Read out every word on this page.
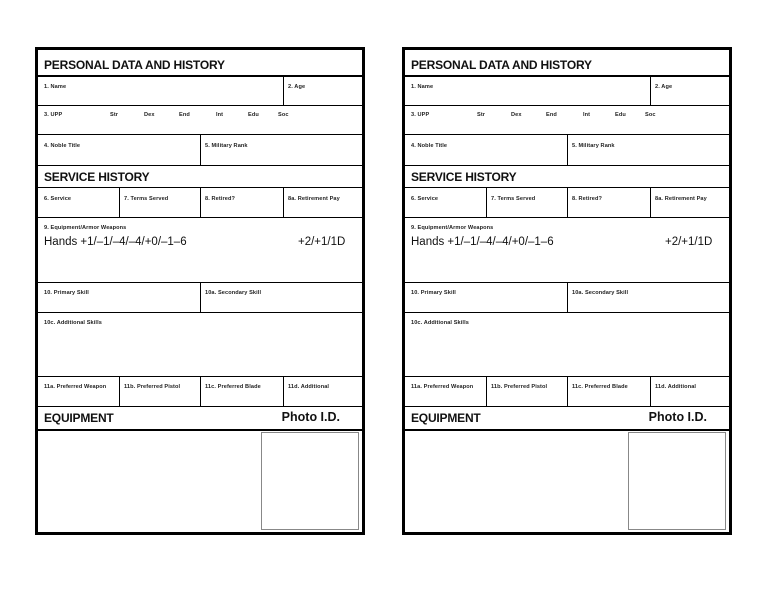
PERSONAL DATA AND HISTORY
1. Name	2. Age
3. UPP	Str	Dex	End	Int	Edu	Soc
4. Noble Title	5. Military Rank
SERVICE HISTORY
6. Service	7. Terms Served	8. Retired?	8a. Retirement Pay
9. Equipment/Armor Weapons
Hands +1/–1/–4/–4/+0/–1–6	+2/+1/1D
10. Primary Skill	10a. Secondary Skill
10c. Additional Skills
11a. Preferred Weapon	11b. Preferred Pistol	11c. Preferred Blade	11d. Additional
EQUIPMENT	Photo I.D.
PERSONAL DATA AND HISTORY
1. Name	2. Age
3. UPP	Str	Dex	End	Int	Edu	Soc
4. Noble Title	5. Military Rank
SERVICE HISTORY
6. Service	7. Terms Served	8. Retired?	8a. Retirement Pay
9. Equipment/Armor Weapons
Hands +1/–1/–4/–4/+0/–1–6	+2/+1/1D
10. Primary Skill	10a. Secondary Skill
10c. Additional Skills
11a. Preferred Weapon	11b. Preferred Pistol	11c. Preferred Blade	11d. Additional
EQUIPMENT	Photo I.D.
